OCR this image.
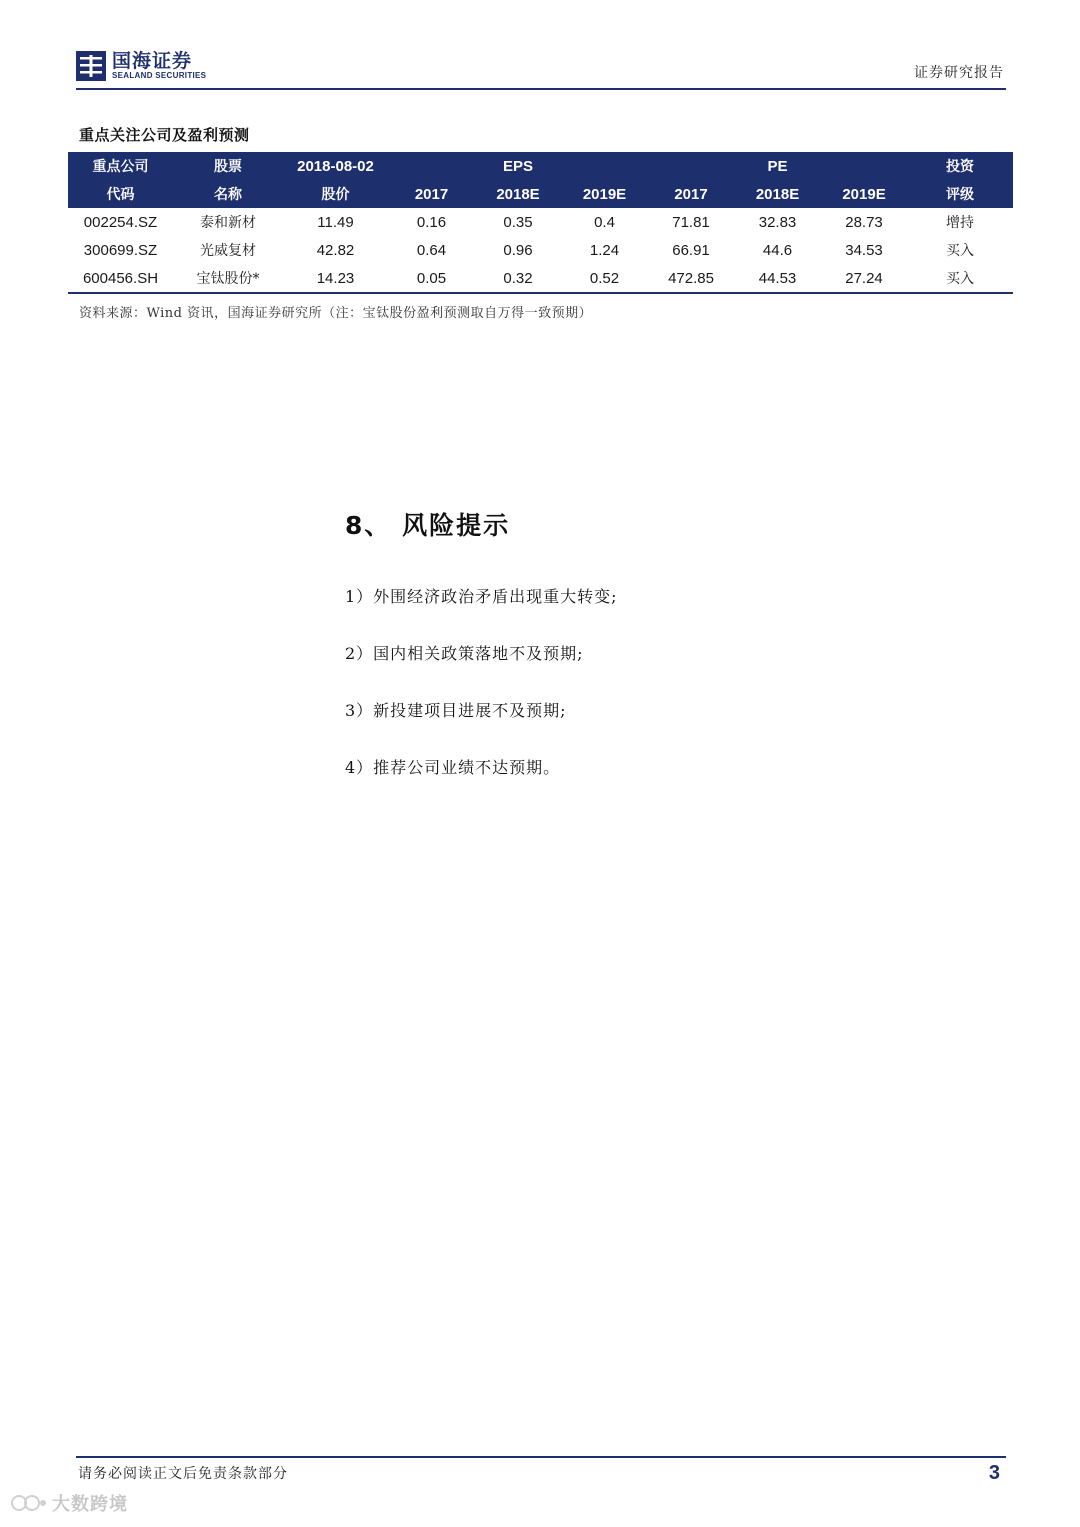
国海证券
SEALAND SECURITIES	证券研究报告
重点关注公司及盈利预测
重点公司	股票	2018-08-02	EPS			PE			投资
代码	名称	股价	2017	2018E	2019E	2017	2018E	2019E	评级
002254.SZ	泰和新材	11.49	0.16	0.35	0.4	71.81	32.83	28.73	增持
300699.SZ	光威复材	42.82	0.64	0.96	1.24	66.91	44.6	34.53	买入
600456.SH	宝钛股份*	14.23	0.05	0.32	0.52	472.85	44.53	27.24	买入
资料来源：Wind 资讯，国海证券研究所（注：宝钛股份盈利预测取自万得一致预期）
8、 风险提示
1）外围经济政治矛盾出现重大转变;
2）国内相关政策落地不及预期;
3）新投建项目进展不及预期;
4）推荐公司业绩不达预期。
请务必阅读正文后免责条款部分	3
大数跨境
